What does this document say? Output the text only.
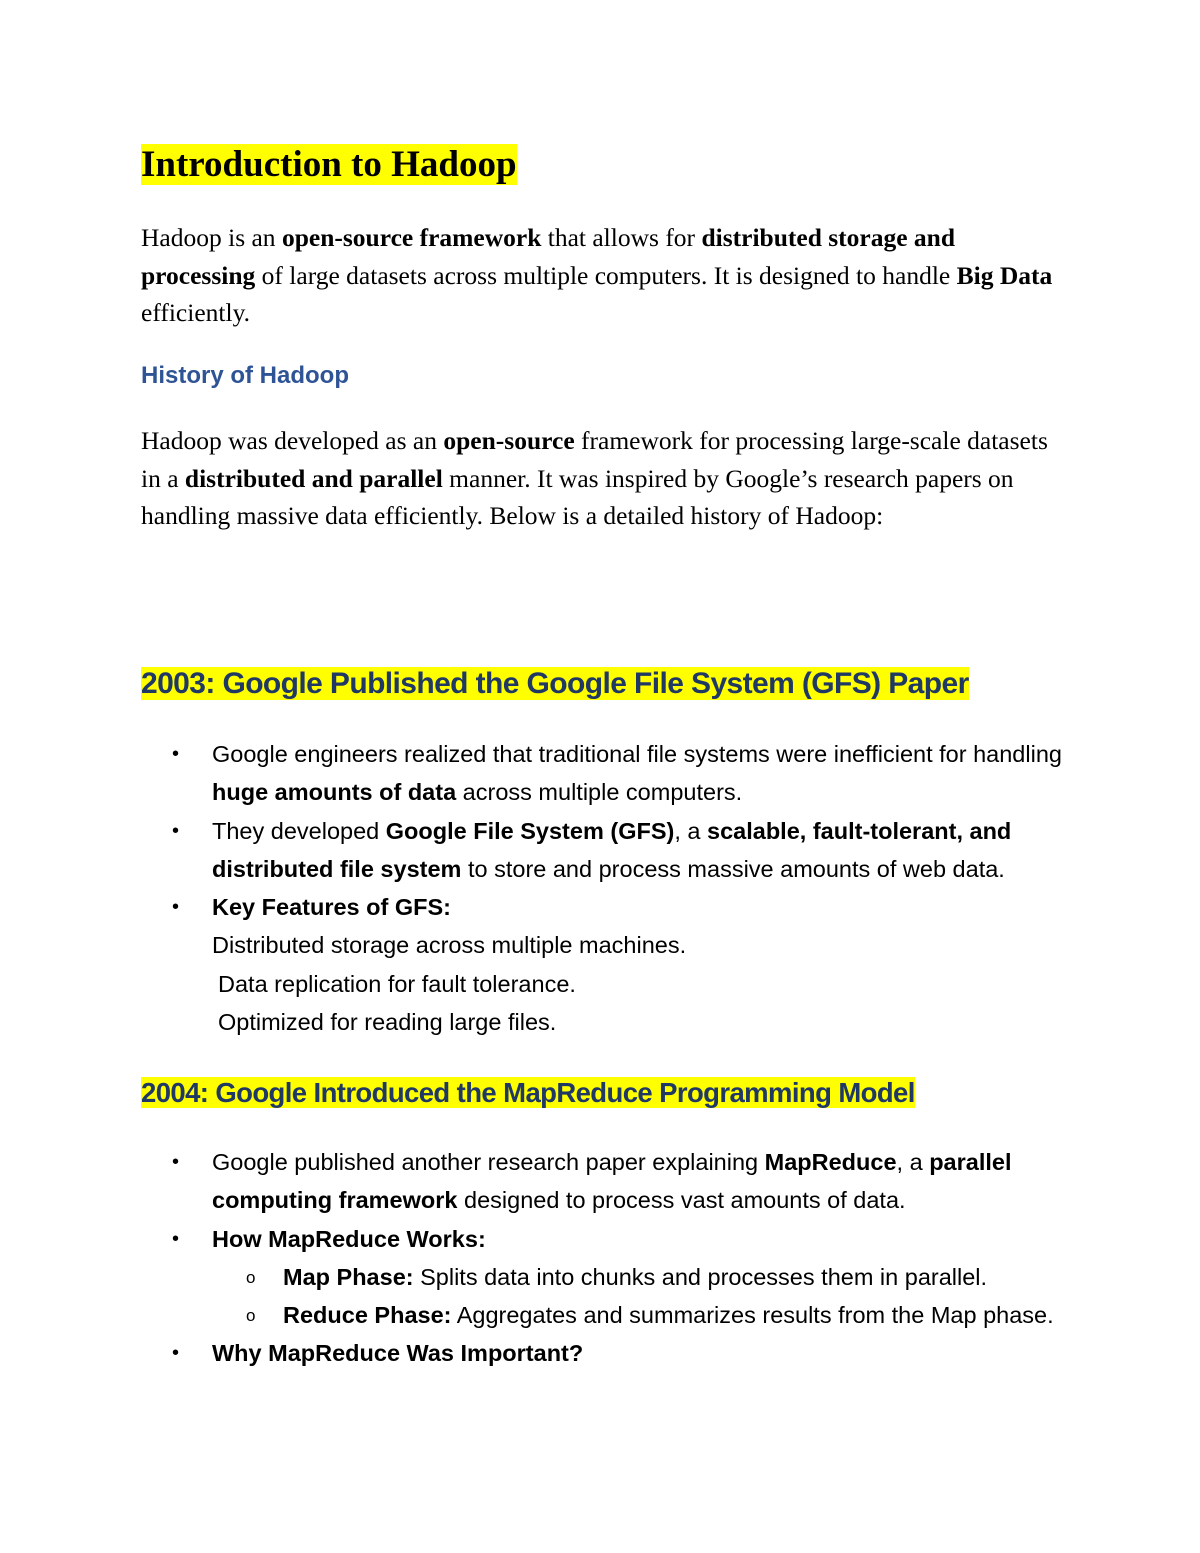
Introduction to Hadoop

Hadoop is an open-source framework that allows for distributed storage and processing of large datasets across multiple computers. It is designed to handle Big Data efficiently.

History of Hadoop

Hadoop was developed as an open-source framework for processing large-scale datasets in a distributed and parallel manner. It was inspired by Google’s research papers on handling massive data efficiently. Below is a detailed history of Hadoop:

2003: Google Published the Google File System (GFS) Paper
• Google engineers realized that traditional file systems were inefficient for handling huge amounts of data across multiple computers.
• They developed Google File System (GFS), a scalable, fault-tolerant, and distributed file system to store and process massive amounts of web data.
• Key Features of GFS:
Distributed storage across multiple machines.
Data replication for fault tolerance.
Optimized for reading large files.
2004: Google Introduced the MapReduce Programming Model
• Google published another research paper explaining MapReduce, a parallel computing framework designed to process vast amounts of data.
• How MapReduce Works:
o Map Phase: Splits data into chunks and processes them in parallel.
o Reduce Phase: Aggregates and summarizes results from the Map phase.
• Why MapReduce Was Important?
